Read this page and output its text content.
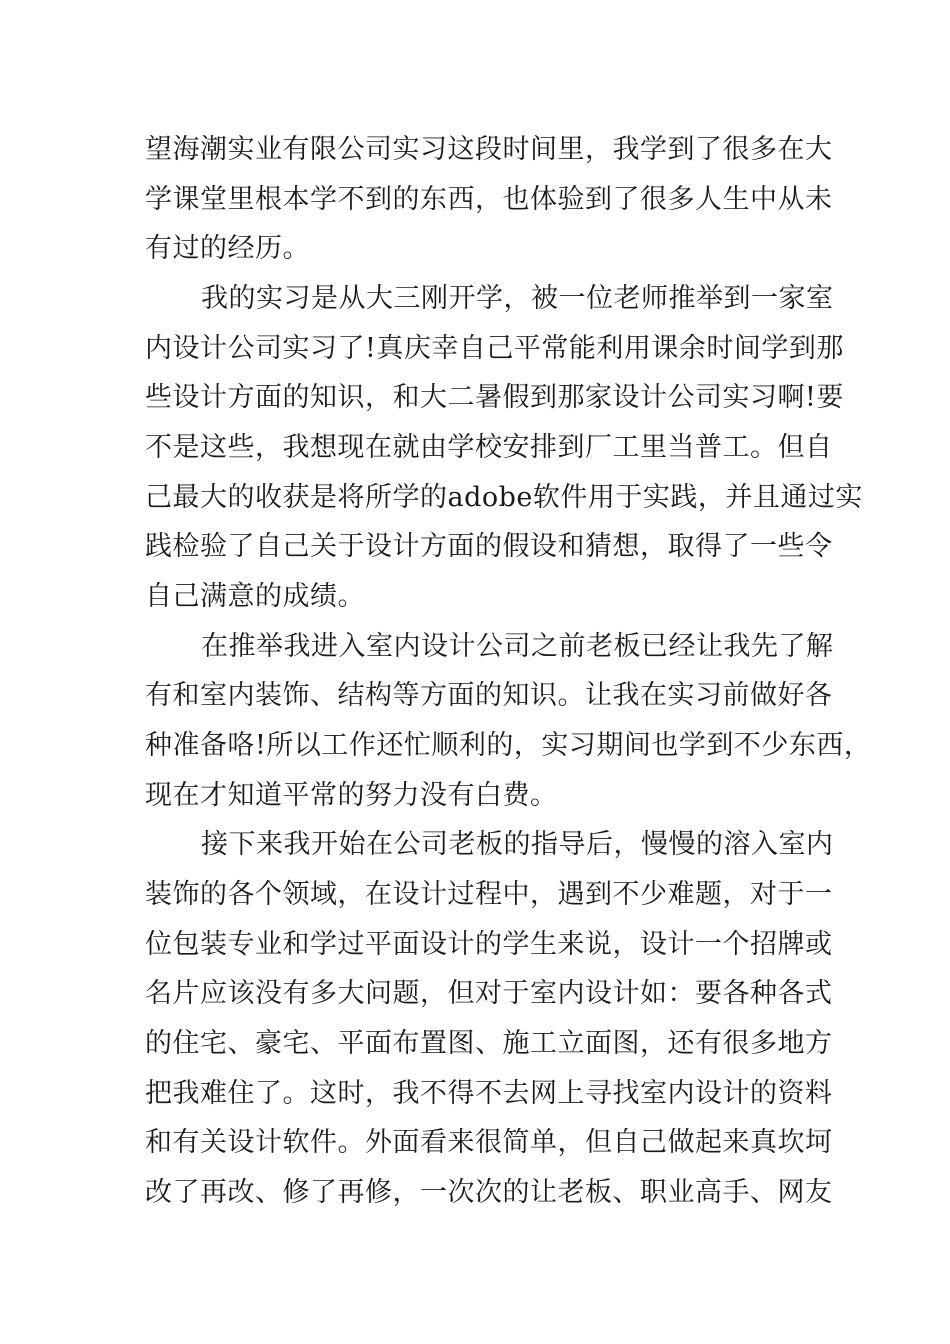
望海潮实业有限公司实习这段时间里，我学到了很多在大
学课堂里根本学不到的东西，也体验到了很多人生中从未
有过的经历。
我的实习是从大三刚开学，被一位老师推举到一家室
内设计公司实习了!真庆幸自己平常能利用课余时间学到那
些设计方面的知识，和大二暑假到那家设计公司实习啊!要
不是这些，我想现在就由学校安排到厂工里当普工。但自
己最大的收获是将所学的adobe软件用于实践，并且通过实
践检验了自己关于设计方面的假设和猜想，取得了一些令
自己满意的成绩。
在推举我进入室内设计公司之前老板已经让我先了解
有和室内装饰、结构等方面的知识。让我在实习前做好各
种准备咯!所以工作还忙顺利的，实习期间也学到不少东西，
现在才知道平常的努力没有白费。
接下来我开始在公司老板的指导后，慢慢的溶入室内
装饰的各个领域，在设计过程中，遇到不少难题，对于一
位包装专业和学过平面设计的学生来说，设计一个招牌或
名片应该没有多大问题，但对于室内设计如：要各种各式
的住宅、豪宅、平面布置图、施工立面图，还有很多地方
把我难住了。这时，我不得不去网上寻找室内设计的资料
和有关设计软件。外面看来很简单，但自己做起来真坎坷
改了再改、修了再修，一次次的让老板、职业高手、网友
